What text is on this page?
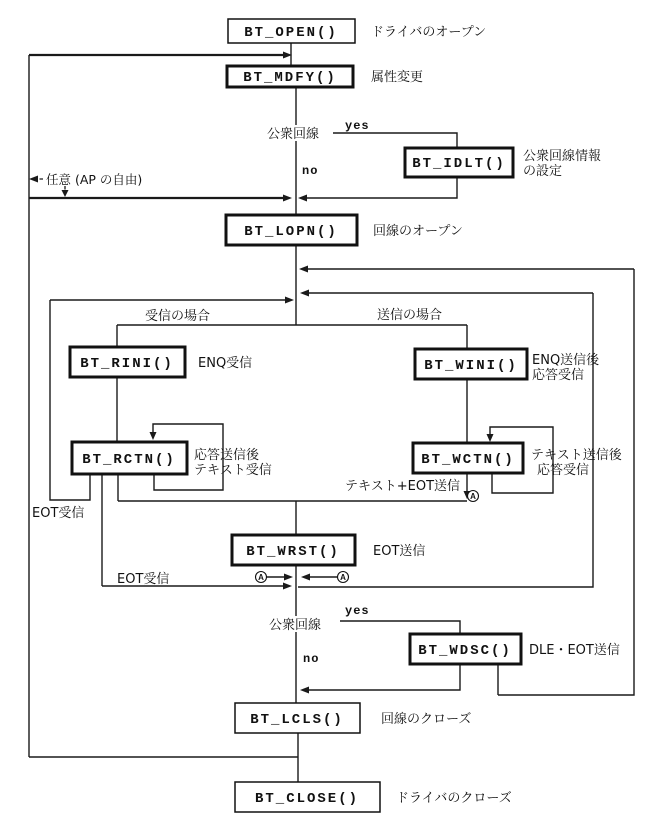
BT_OPEN()	ドライバのオープン
BT_MDFY()	属性変更
BT_IDLT() 公衆回線情報
の設定
BT_LOPN()	回線のオープン
BT_RINI() ENQ受信	BT_WINI() ENQ送信後
応答受信
BT_RCTN() 応答送信後
テキスト受信
BT_WCTN() テキスト送信後
応答受信
BT_WRST()	EOT送信
BT_WDSC() DLE・EOT送信
BT_LCLS()	回線のクローズ
BT_CLOSE()	ドライバのクローズ
公衆回線
yes
no
任意 (AP の自由)
受信の場合	送信の場合
EOT受信
テキスト+EOT送信
EOT受信
公衆回線
yes
no
A
A	A
